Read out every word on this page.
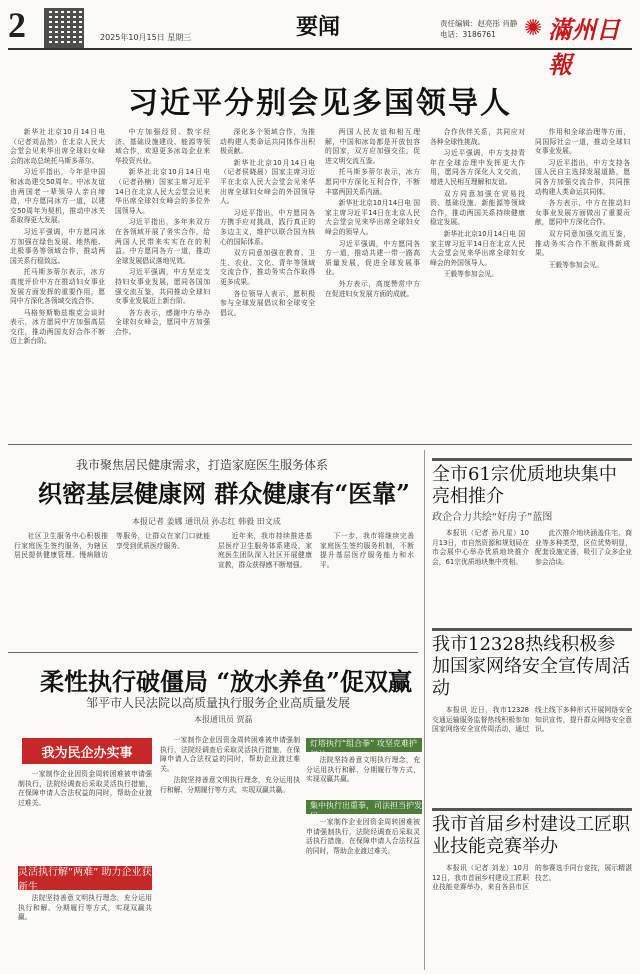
2	要闻
2025年10月15日 星期三
责任编辑：赵亮彤 肖静
电话：3186761	✺ 滿州日報
习近平分别会见多国领导人

新华社北京10月14日电（记者刘品然）在北京人民大会堂会见来华出席全球妇女峰会的冰岛总统托马斯多蒂尔。

习近平指出，今年是中国和冰岛建交50周年。中冰友谊由两国老一辈领导人亲自缔造，中方愿同冰方一道，以建交50周年为契机，推动中冰关系取得更大发展。

习近平强调，中方愿同冰方加强在绿色发展、地热能、北极事务等领域合作，推动两国关系行稳致远。

托马斯多蒂尔表示，冰方高度评价中方在推动妇女事业发展方面发挥的重要作用，愿同中方深化各领域交流合作。

马格努斯勒兹维克会谈时表示，冰方愿同中方加强高层交往，推动两国友好合作不断迈上新台阶。

中方加强经贸、数字经济、基础设施建设、能源等领域合作，欢迎更多冰岛企业来华投资兴业。

新华社北京10月14日电（记者孙楠）国家主席习近平14日在北京人民大会堂会见来华出席全球妇女峰会的多位外国领导人。

习近平指出，多年来双方在各领域开展了务实合作，给两国人民带来实实在在的利益。中方愿同各方一道，推动全球发展倡议落地见效。

习近平强调，中方坚定支持妇女事业发展，愿同各国加强交流互鉴，共同推动全球妇女事业发展迈上新台阶。

各方表示，感谢中方举办全球妇女峰会，愿同中方加强合作。

深化多个领域合作，为推动构建人类命运共同体作出积极贡献。

新华社北京10月14日电（记者侯晓晨）国家主席习近平在北京人民大会堂会见来华出席全球妇女峰会的外国领导人。

习近平指出，中方愿同各方携手应对挑战，践行真正的多边主义，维护以联合国为核心的国际体系。

双方同意加强在教育、卫生、农业、文化、青年等领域交流合作，推动务实合作取得更多成果。

各位领导人表示，愿积极参与全球发展倡议和全球安全倡议。

两国人民友谊和相互理解，中国和冰岛都是开放包容的国家，双方应加强交往，促进文明交流互鉴。

托马斯多蒂尔表示，冰方愿同中方深化互利合作，不断丰富两国关系内涵。

新华社北京10月14日电 国家主席习近平14日在北京人民大会堂会见来华出席全球妇女峰会的领导人。

习近平强调，中方愿同各方一道，推动共建一带一路高质量发展，促进全球发展事业。

外方表示，高度赞赏中方在促进妇女发展方面的成就。

合作伙伴关系，共同应对各种全球性挑战。

习近平强调，中方支持青年在全球治理中发挥更大作用，愿同各方深化人文交流，增进人民相互理解和友谊。

双方同意加强在贸易投资、基础设施、新能源等领域合作，推动两国关系持续健康稳定发展。

新华社北京10月14日电 国家主席习近平14日在北京人民大会堂会见来华出席全球妇女峰会的外国领导人。

王毅等参加会见。

作用和全球治理等方面，同国际社会一道，推动全球妇女事业发展。

习近平指出，中方支持各国人民自主选择发展道路，愿同各方加强交流合作，共同推动构建人类命运共同体。

各方表示，中方在推动妇女事业发展方面做出了重要贡献，愿同中方深化合作。

双方同意加强交流互鉴，推动务实合作不断取得新成果。

王毅等参加会见。

我市聚焦居民健康需求，打造家庭医生服务体系
织密基层健康网 群众健康有“医靠”
本报记者 姜娜 通讯员 孙志红 韩毅 田文成

社区卫生服务中心积极推行家庭医生签约服务，为辖区居民提供健康管理、慢病随访等服务，让群众在家门口就能享受到优质医疗服务。

近年来，我市持续推进基层医疗卫生服务体系建设，家庭医生团队深入社区开展健康宣教，群众获得感不断增强。

下一步，我市将继续完善家庭医生签约服务机制，不断提升基层医疗服务能力和水平。

全市61宗优质地块集中亮相推介
政企合力共绘“好房子”蓝图

本报讯（记者 孙凡星）10月13日，市自然资源和规划局在市会展中心举办优质地块推介会，61宗优质地块集中亮相。

此次推介地块涵盖住宅、商业等多种类型，区位优势明显，配套设施完善，吸引了众多企业参会洽谈。

我市12328热线积极参加国家网络安全宣传周活动

本报讯 近日，我市12328交通运输服务监督热线积极参加国家网络安全宣传周活动，通过线上线下多种形式开展网络安全知识宣传，提升群众网络安全意识。

柔性执行破僵局 “放水养鱼”促双赢
邹平市人民法院以高质量执行服务企业高质量发展
本报通讯员 贾磊
我为民企办实事

一家制作企业因资金周转困难被申请强制执行，法院经调查后采取灵活执行措施，在保障申请人合法权益的同时，帮助企业渡过难关。

灵活执行解“两难” 助力企业获新生

法院坚持善意文明执行理念，充分运用执行和解、分期履行等方式，实现双赢共赢。

一家制作企业因资金周转困难被申请强制执行，法院经调查后采取灵活执行措施，在保障申请人合法权益的同时，帮助企业渡过难关。

法院坚持善意文明执行理念，充分运用执行和解、分期履行等方式，实现双赢共赢。

灯塔执行“组合拳” 攻坚克难护权益

法院坚持善意文明执行理念，充分运用执行和解、分期履行等方式，实现双赢共赢。

集中执行出重拳，司法担当护发展

一家制作企业因资金周转困难被申请强制执行，法院经调查后采取灵活执行措施，在保障申请人合法权益的同时，帮助企业渡过难关。

我市首届乡村建设工匠职业技能竞赛举办

本报讯（记者 刘龙）10月12日，我市首届乡村建设工匠职业技能竞赛举办，来自各县市区的参赛选手同台竞技，展示精湛技艺。
